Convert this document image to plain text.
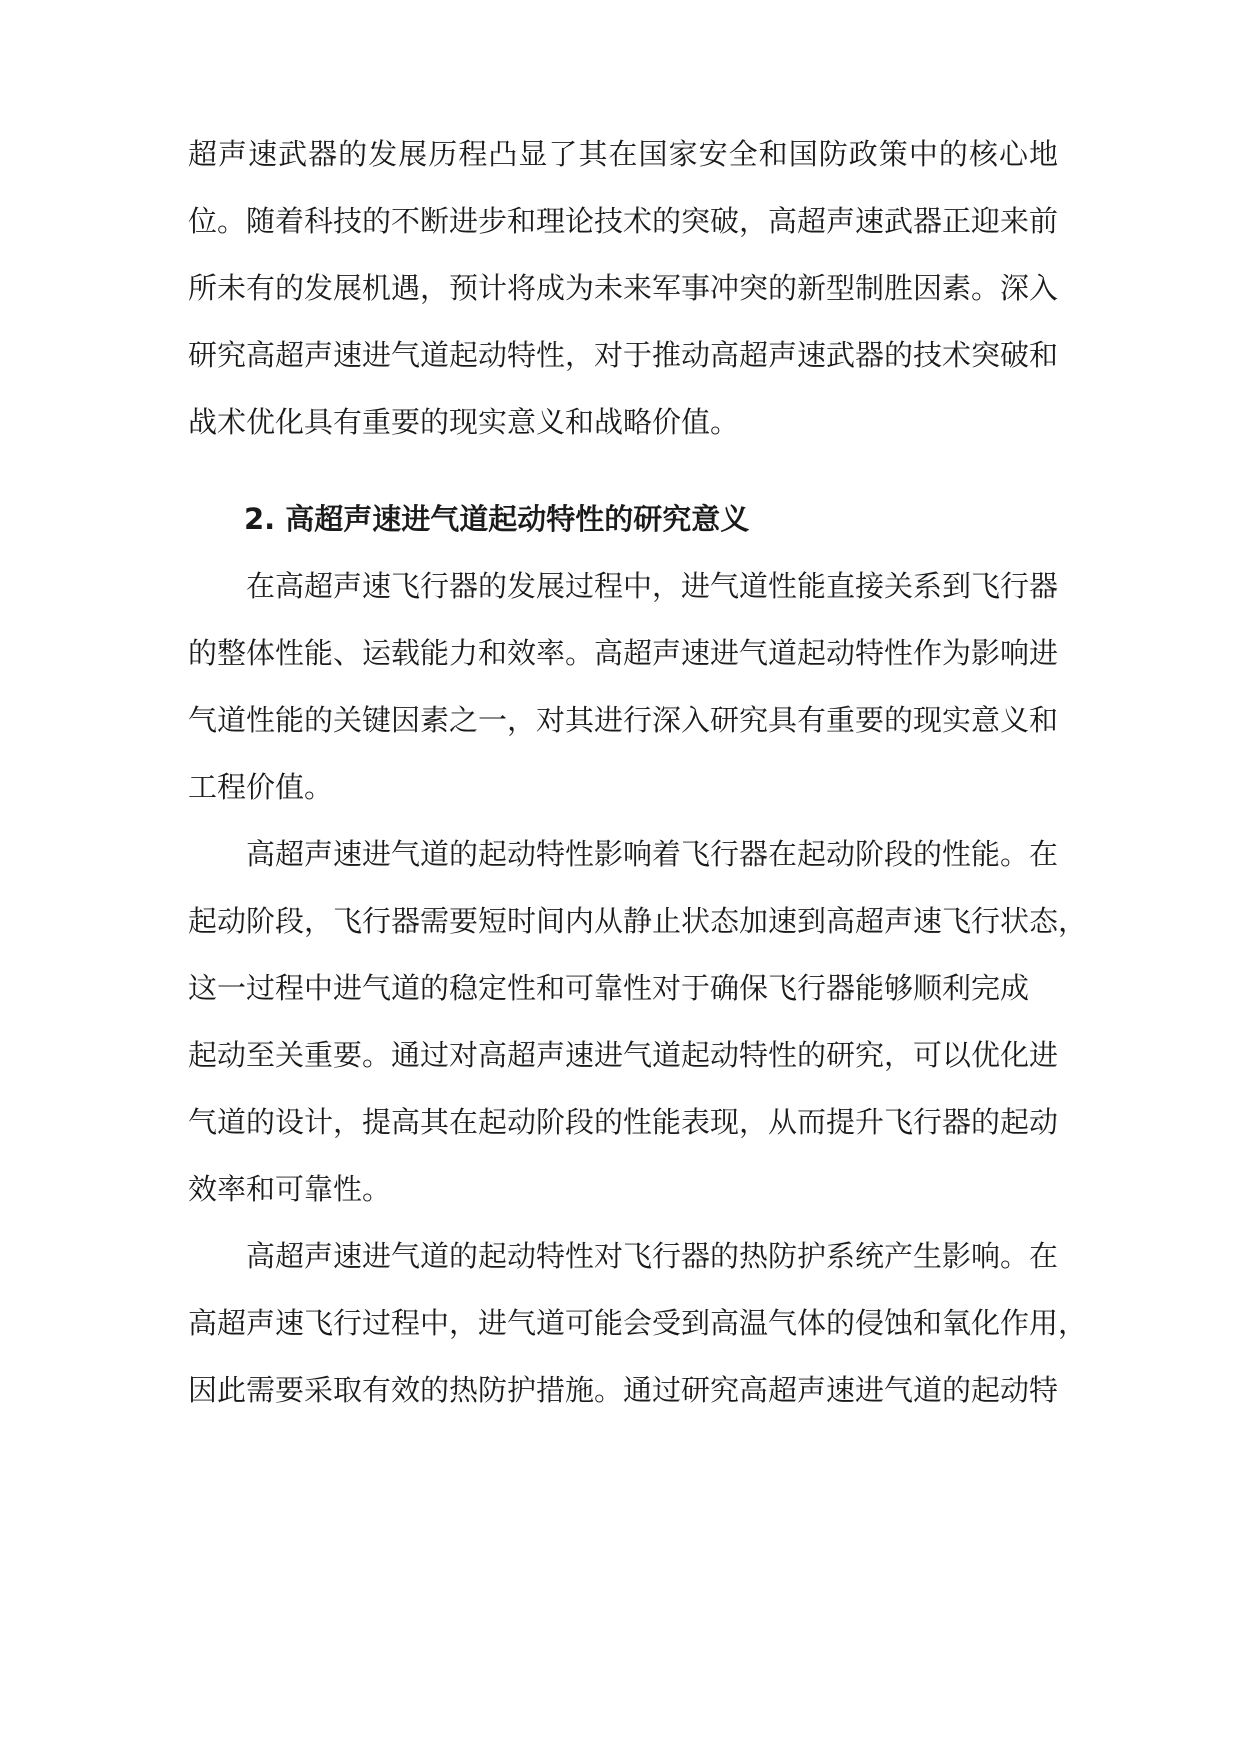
超声速武器的发展历程凸显了其在国家安全和国防政策中的核心地
位。随着科技的不断进步和理论技术的突破，高超声速武器正迎来前
所未有的发展机遇，预计将成为未来军事冲突的新型制胜因素。深入
研究高超声速进气道起动特性，对于推动高超声速武器的技术突破和
战术优化具有重要的现实意义和战略价值。
2. 高超声速进气道起动特性的研究意义
在高超声速飞行器的发展过程中，进气道性能直接关系到飞行器
的整体性能、运载能力和效率。高超声速进气道起动特性作为影响进
气道性能的关键因素之一，对其进行深入研究具有重要的现实意义和
工程价值。
高超声速进气道的起动特性影响着飞行器在起动阶段的性能。在
起动阶段，飞行器需要短时间内从静止状态加速到高超声速飞行状态，
这一过程中进气道的稳定性和可靠性对于确保飞行器能够顺利完成
起动至关重要。通过对高超声速进气道起动特性的研究，可以优化进
气道的设计，提高其在起动阶段的性能表现，从而提升飞行器的起动
效率和可靠性。
高超声速进气道的起动特性对飞行器的热防护系统产生影响。在
高超声速飞行过程中，进气道可能会受到高温气体的侵蚀和氧化作用，
因此需要采取有效的热防护措施。通过研究高超声速进气道的起动特
